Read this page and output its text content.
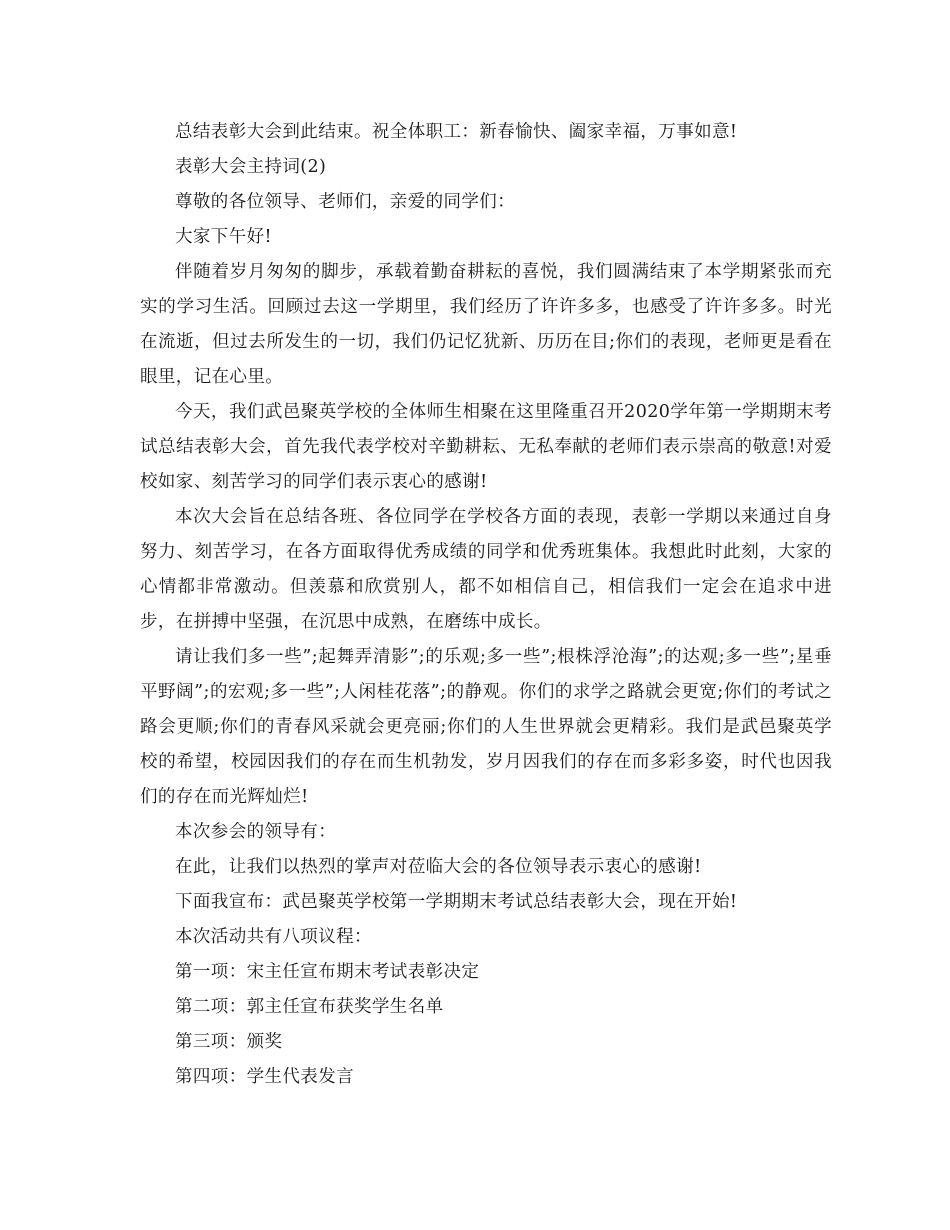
总结表彰大会到此结束。祝全体职工：新春愉快、阖家幸福，万事如意!

表彰大会主持词(2)

尊敬的各位领导、老师们，亲爱的同学们：

大家下午好!

伴随着岁月匆匆的脚步，承载着勤奋耕耘的喜悦，我们圆满结束了本学期紧张而充实的学习生活。回顾过去这一学期里，我们经历了许许多多，也感受了许许多多。时光在流逝，但过去所发生的一切，我们仍记忆犹新、历历在目;你们的表现，老师更是看在眼里，记在心里。

今天，我们武邑聚英学校的全体师生相聚在这里隆重召开2020学年第一学期期末考试总结表彰大会，首先我代表学校对辛勤耕耘、无私奉献的老师们表示崇高的敬意!对爱校如家、刻苦学习的同学们表示衷心的感谢!

本次大会旨在总结各班、各位同学在学校各方面的表现，表彰一学期以来通过自身努力、刻苦学习，在各方面取得优秀成绩的同学和优秀班集体。我想此时此刻，大家的心情都非常激动。但羡慕和欣赏别人，都不如相信自己，相信我们一定会在追求中进步，在拼搏中坚强，在沉思中成熟，在磨练中成长。

请让我们多一些”;起舞弄清影”;的乐观;多一些”;根株浮沧海”;的达观;多一些”;星垂平野阔”;的宏观;多一些”;人闲桂花落”;的静观。你们的求学之路就会更宽;你们的考试之路会更顺;你们的青春风采就会更亮丽;你们的人生世界就会更精彩。我们是武邑聚英学校的希望，校园因我们的存在而生机勃发，岁月因我们的存在而多彩多姿，时代也因我们的存在而光辉灿烂!

本次参会的领导有：

在此，让我们以热烈的掌声对莅临大会的各位领导表示衷心的感谢!

下面我宣布：武邑聚英学校第一学期期末考试总结表彰大会，现在开始!

本次活动共有八项议程：

第一项：宋主任宣布期末考试表彰决定

第二项：郭主任宣布获奖学生名单

第三项：颁奖

第四项：学生代表发言
